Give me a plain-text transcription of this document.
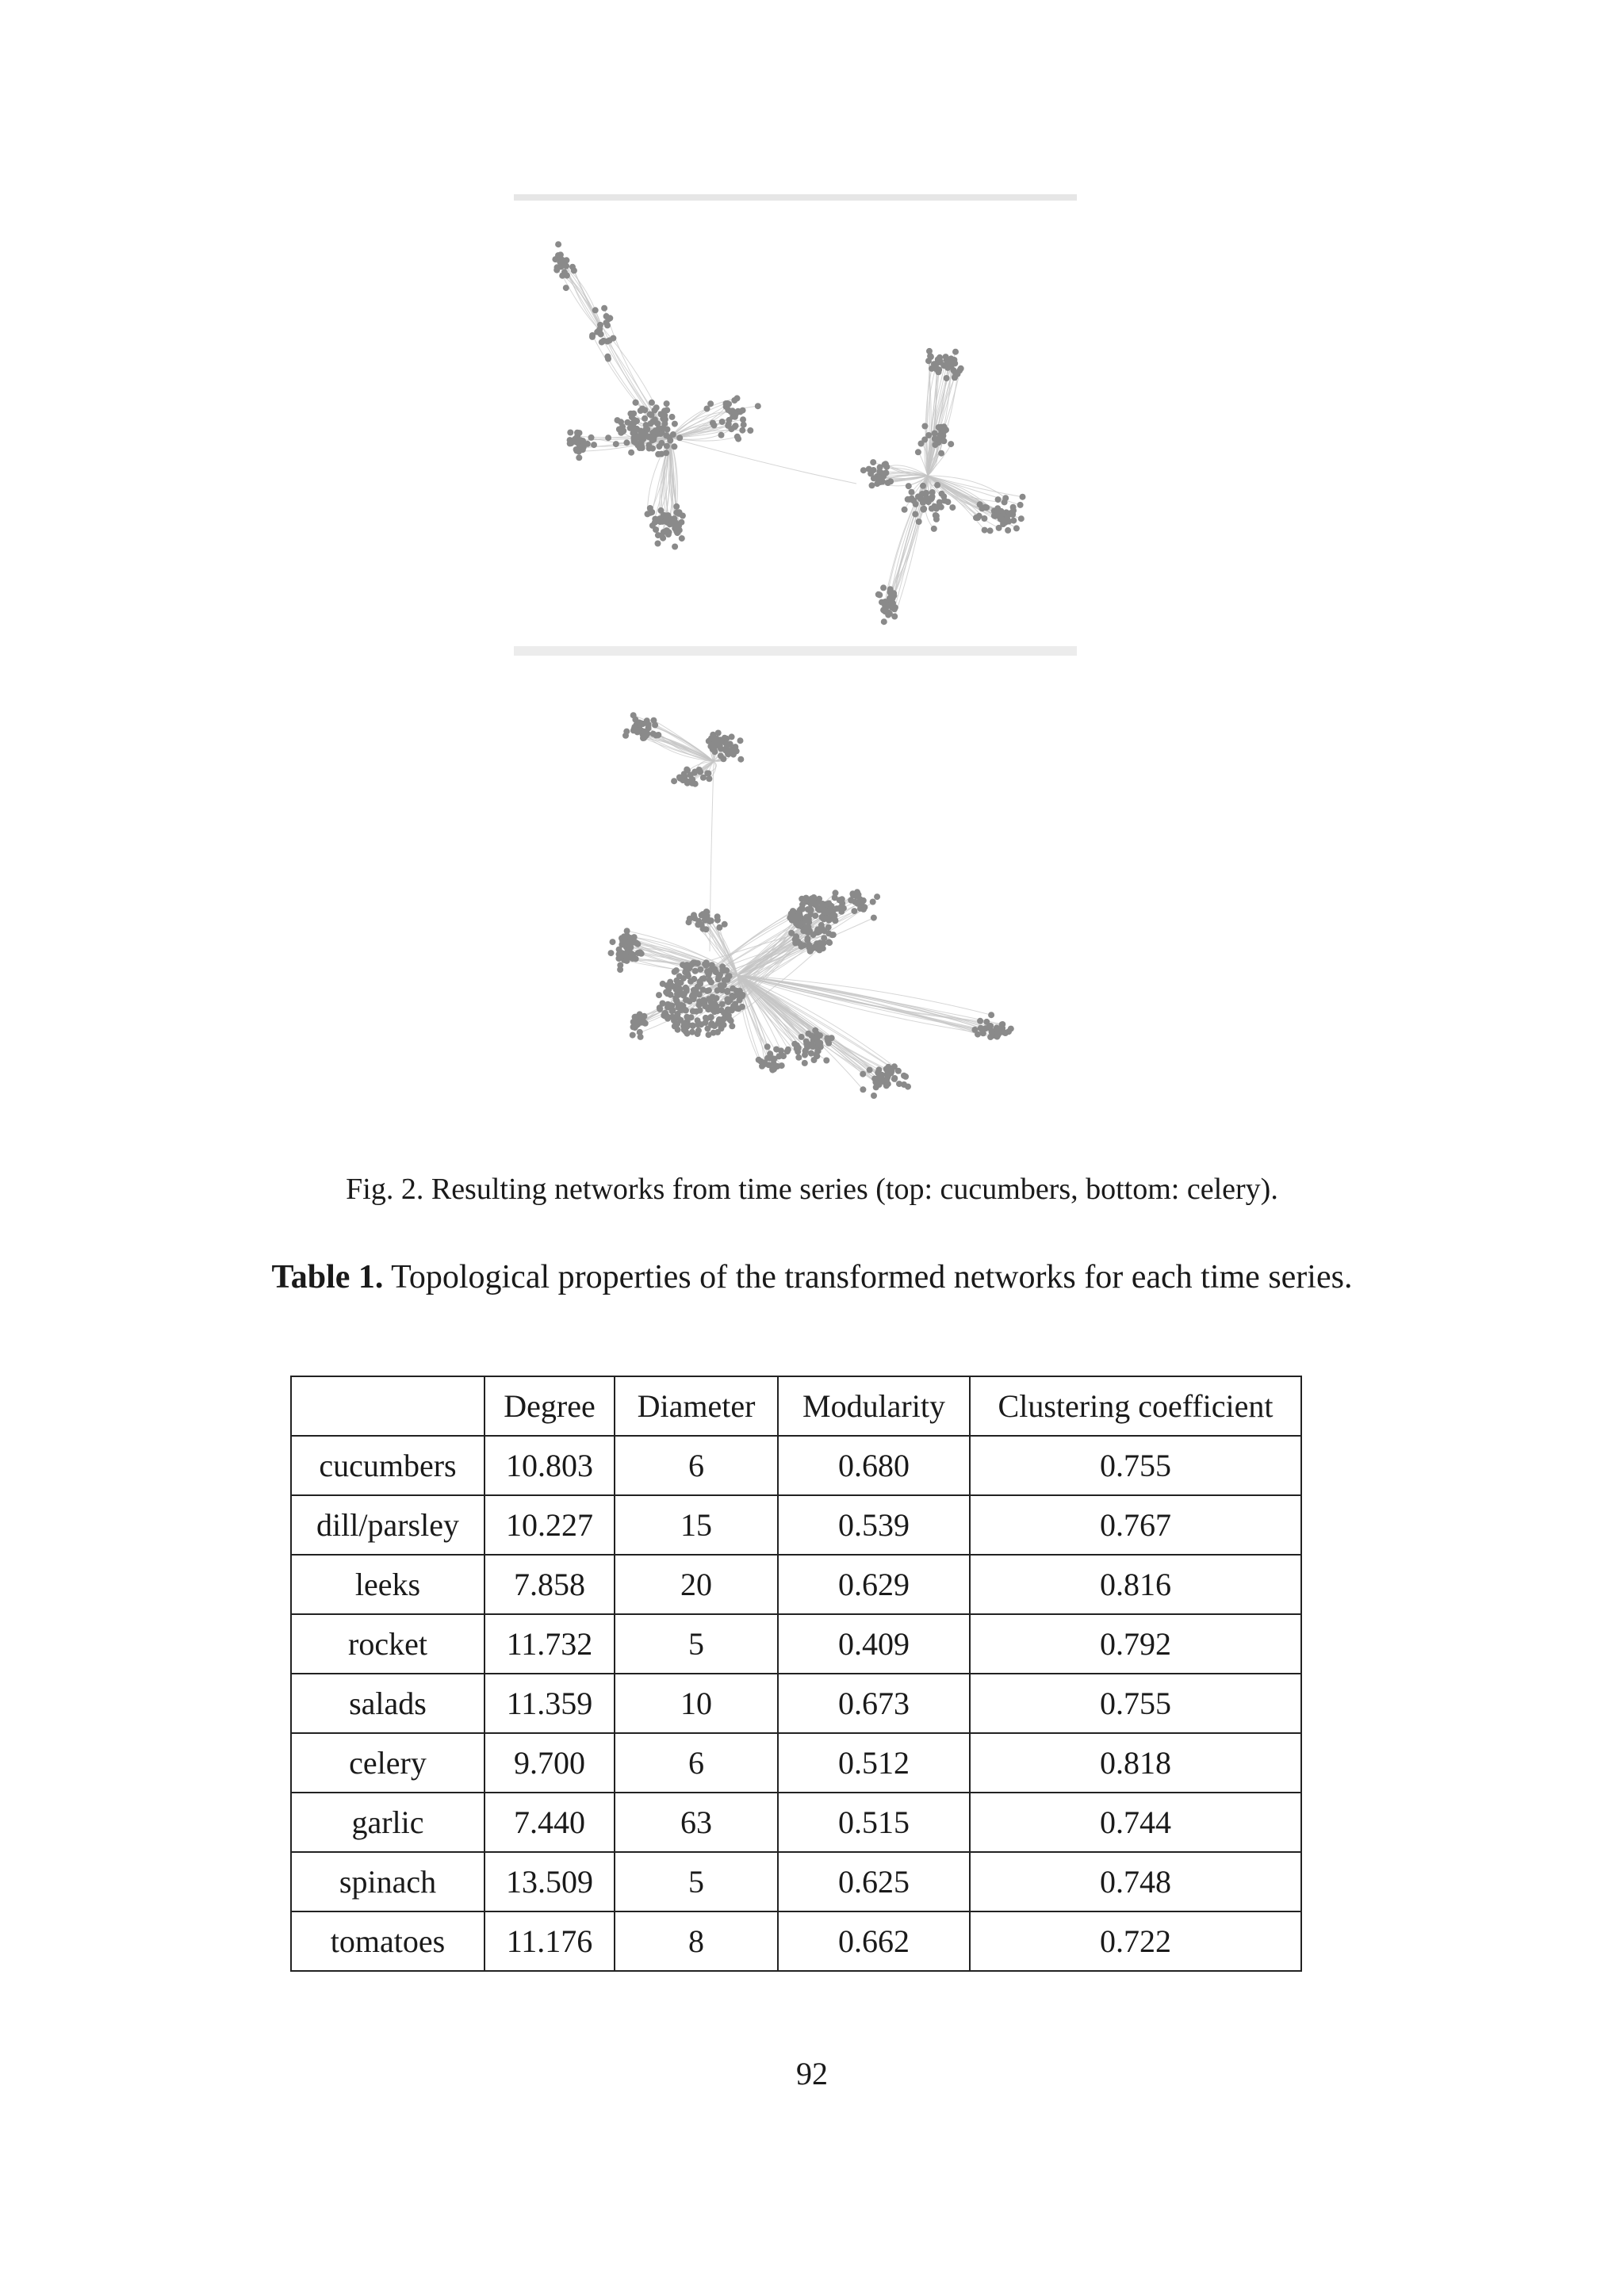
Fig. 2. Resulting networks from time series (top: cucumbers, bottom: celery).
Table 1. Topological properties of the transformed networks for each time series.
	Degree	Diameter	Modularity	Clustering coefficient
cucumbers	10.803	6	0.680	0.755
dill/parsley	10.227	15	0.539	0.767
leeks	7.858	20	0.629	0.816
rocket	11.732	5	0.409	0.792
salads	11.359	10	0.673	0.755
celery	9.700	6	0.512	0.818
garlic	7.440	63	0.515	0.744
spinach	13.509	5	0.625	0.748
tomatoes	11.176	8	0.662	0.722
92
